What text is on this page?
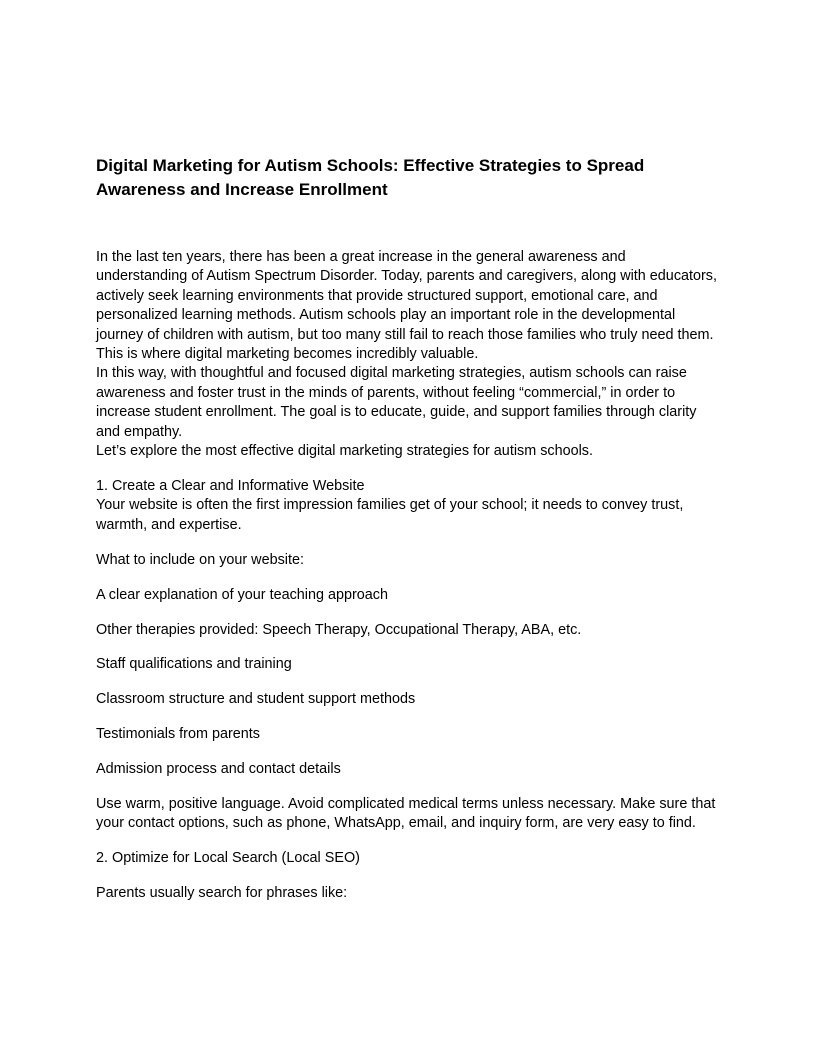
Digital Marketing for Autism Schools: Effective Strategies to Spread Awareness and Increase Enrollment

In the last ten years, there has been a great increase in the general awareness and understanding of Autism Spectrum Disorder. Today, parents and caregivers, along with educators, actively seek learning environments that provide structured support, emotional care, and personalized learning methods. Autism schools play an important role in the developmental journey of children with autism, but too many still fail to reach those families who truly need them.

This is where digital marketing becomes incredibly valuable.

In this way, with thoughtful and focused digital marketing strategies, autism schools can raise awareness and foster trust in the minds of parents, without feeling “commercial,” in order to increase student enrollment. The goal is to educate, guide, and support families through clarity and empathy.

Let’s explore the most effective digital marketing strategies for autism schools.

1. Create a Clear and Informative Website

Your website is often the first impression families get of your school; it needs to convey trust, warmth, and expertise.

What to include on your website:

A clear explanation of your teaching approach

Other therapies provided: Speech Therapy, Occupational Therapy, ABA, etc.

Staff qualifications and training

Classroom structure and student support methods

Testimonials from parents

Admission process and contact details

Use warm, positive language. Avoid complicated medical terms unless necessary. Make sure that your contact options, such as phone, WhatsApp, email, and inquiry form, are very easy to find.

2. Optimize for Local Search (Local SEO)

Parents usually search for phrases like:
